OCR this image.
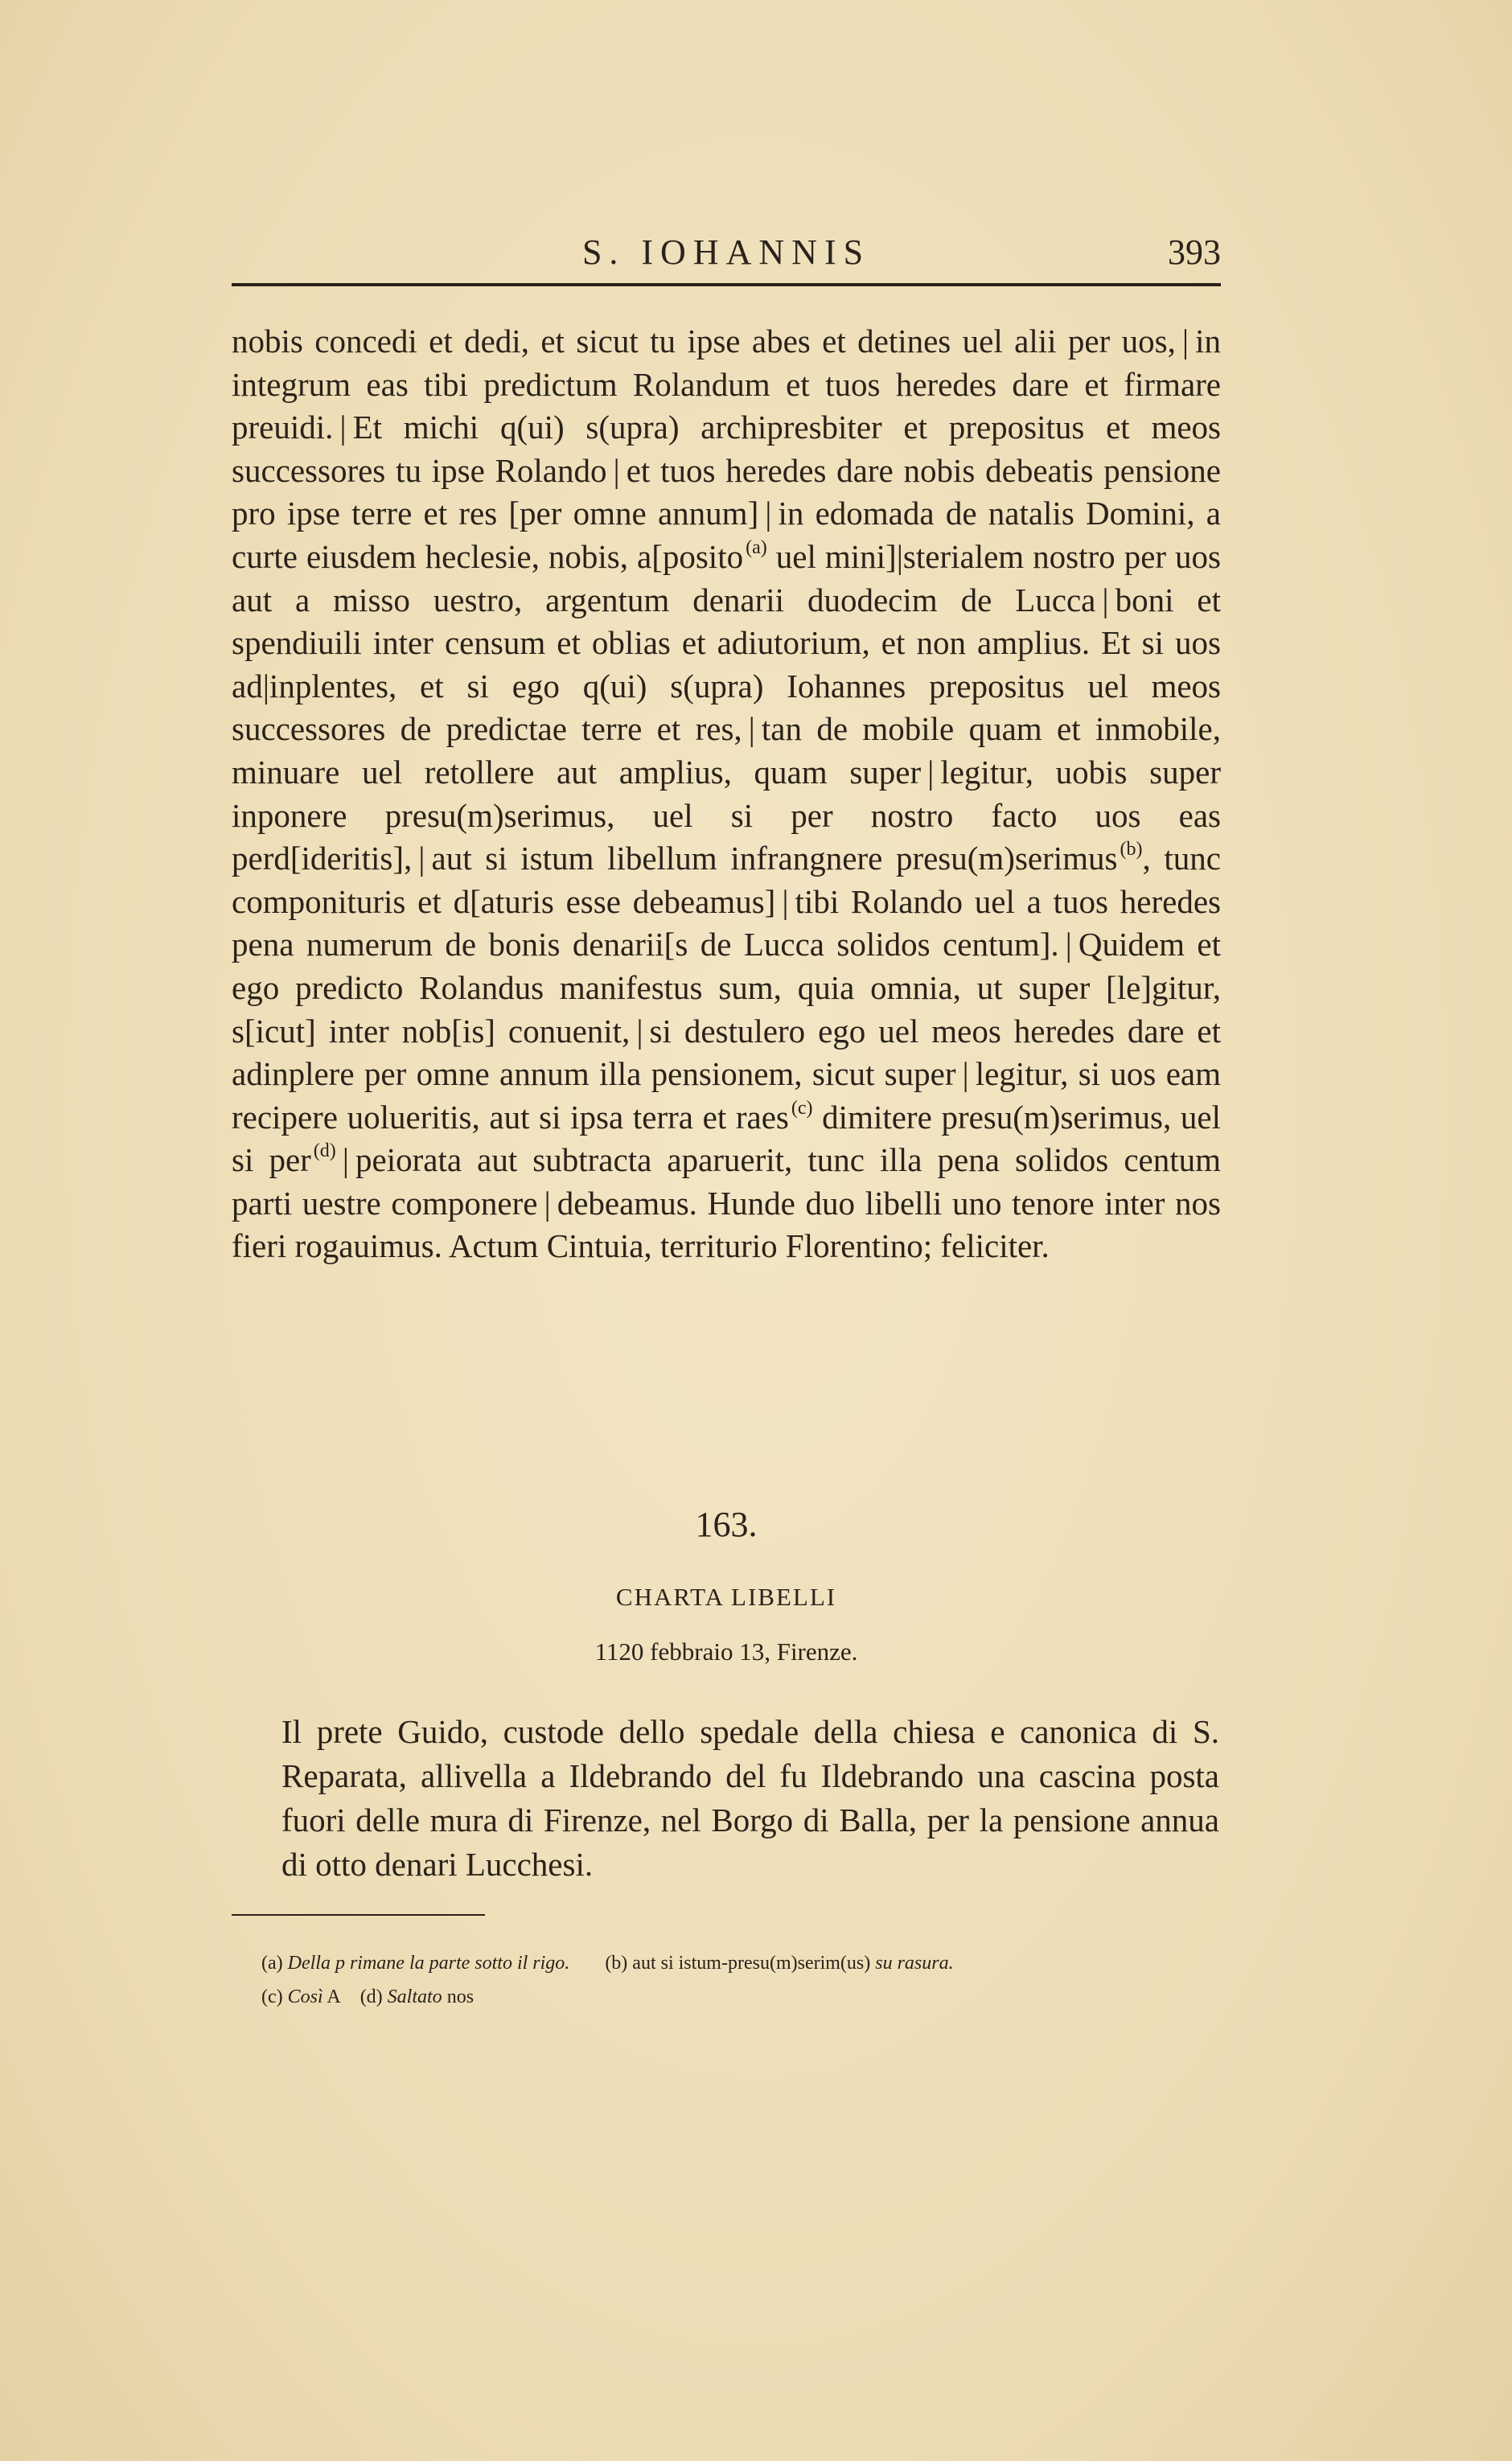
S. IOHANNIS	393

nobis concedi et dedi, et sicut tu ipse abes et detines uel alii per uos, | in integrum eas tibi predictum Rolandum et tuos heredes dare et firmare preuidi. | Et michi q(ui) s(upra) archipresbiter et prepositus et meos successores tu ipse Rolando | et tuos heredes dare nobis debeatis pensione pro ipse terre et res [per omne annum] | in edomada de natalis Domini, a curte eiusdem heclesie, nobis, a[posito $^{(a)}$ uel mini]|sterialem nostro per uos aut a misso uestro, argentum denarii duodecim de Lucca | boni et spendiuili inter censum et oblias et adiutorium, et non amplius. Et si uos ad|inplentes, et si ego q(ui) s(upra) Iohannes prepositus uel meos successores de predictae terre et res, | tan de mobile quam et inmobile, minuare uel retollere aut amplius, quam super | legitur, uobis super inponere presu(m)serimus, uel si per nostro facto uos eas perd[ideritis], | aut si istum libellum infrangnere presu(m)serimus $^{(b)}$, tunc componituris et d[aturis esse debeamus] | tibi Rolando uel a tuos heredes pena numerum de bonis denarii[s de Lucca solidos centum]. | Quidem et ego predicto Rolandus manifestus sum, quia omnia, ut super [le]gitur, s[icut] inter nob[is] conuenit, | si destulero ego uel meos heredes dare et adinplere per omne annum illa pensionem, sicut super | legitur, si uos eam recipere uolueritis, aut si ipsa terra et raes $^{(c)}$ dimitere presu(m)serimus, uel si per $^{(d)}$ | peiorata aut subtracta aparuerit, tunc illa pena solidos centum parti uestre componere | debeamus. Hunde duo libelli uno tenore inter nos fieri rogauimus. Actum Cintuia, territurio Florentino; feliciter.

163.
CHARTA LIBELLI
1120 febbraio 13, Firenze.
Il prete Guido, custode dello spedale della chiesa e canonica di S. Reparata, allivella a Ildebrando del fu Ildebrando una cascina posta fuori delle mura di Firenze, nel Borgo di Balla, per la pensione annua di otto denari Lucchesi.
(a) Della p rimane la parte sotto il rigo. (b) aut si istum-presu(m)serim(us) su rasura.
(c) Così A (d) Saltato nos
